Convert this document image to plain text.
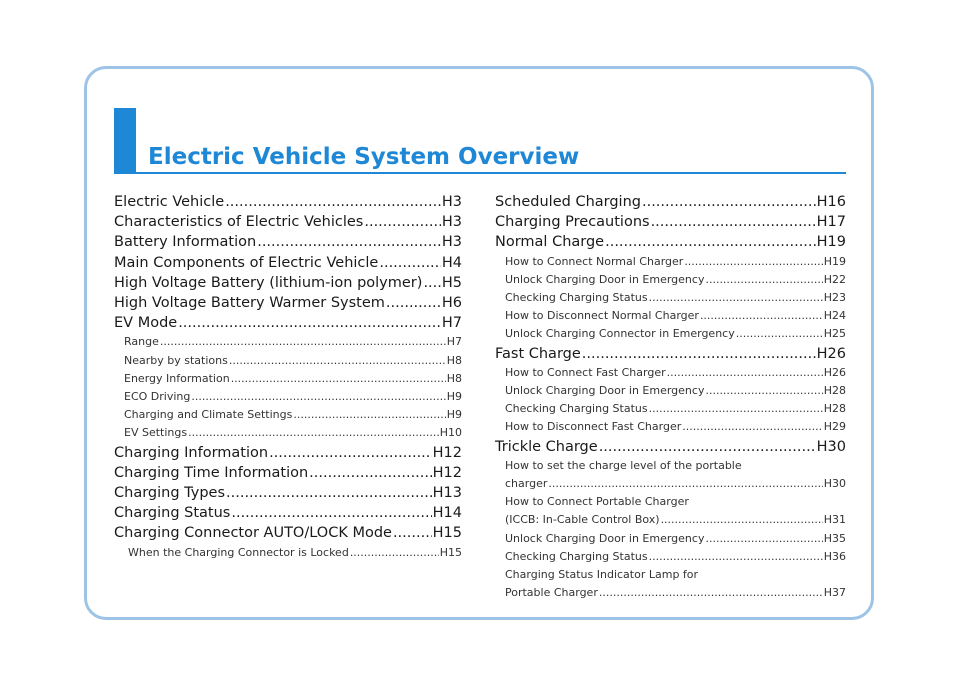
Electric Vehicle System Overview
Electric Vehicle .....	H3
Characteristics of Electric Vehicles .....	H3
Battery Information .....	H3
Main Components of Electric Vehicle .....	H4
High Voltage Battery (lithium-ion polymer) ..... H5
High Voltage Battery Warmer System .....	H6
EV Mode .....	H7
Range .....	H7
Nearby by stations .....	H8
Energy Information .....	H8
ECO Driving .....	H9
Charging and Climate Settings .....	H9
EV Settings .....	H10
Charging Information .....	H12
Charging Time Information .....	H12
Charging Types .....	H13
Charging Status .....	H14
Charging Connector AUTO/LOCK Mode .....	H15
When the Charging Connector is Locked .....	H15
Scheduled Charging .....	H16
Charging Precautions .....	H17
Normal Charge .....	H19
How to Connect Normal Charger .....	H19
Unlock Charging Door in Emergency .....	H22
Checking Charging Status .....	H23
How to Disconnect Normal Charger .....	H24
Unlock Charging Connector in Emergency .....	H25
Fast Charge .....	H26
How to Connect Fast Charger .....	H26
Unlock Charging Door in Emergency .....	H28
Checking Charging Status .....	H28
How to Disconnect Fast Charger .....	H29
Trickle Charge .....	H30
How to set the charge level of the portable
charger .....	H30
How to Connect Portable Charger
(ICCB: In-Cable Control Box) .....	H31
Unlock Charging Door in Emergency .....	H35
Checking Charging Status .....	H36
Charging Status Indicator Lamp for
Portable Charger .....	H37
